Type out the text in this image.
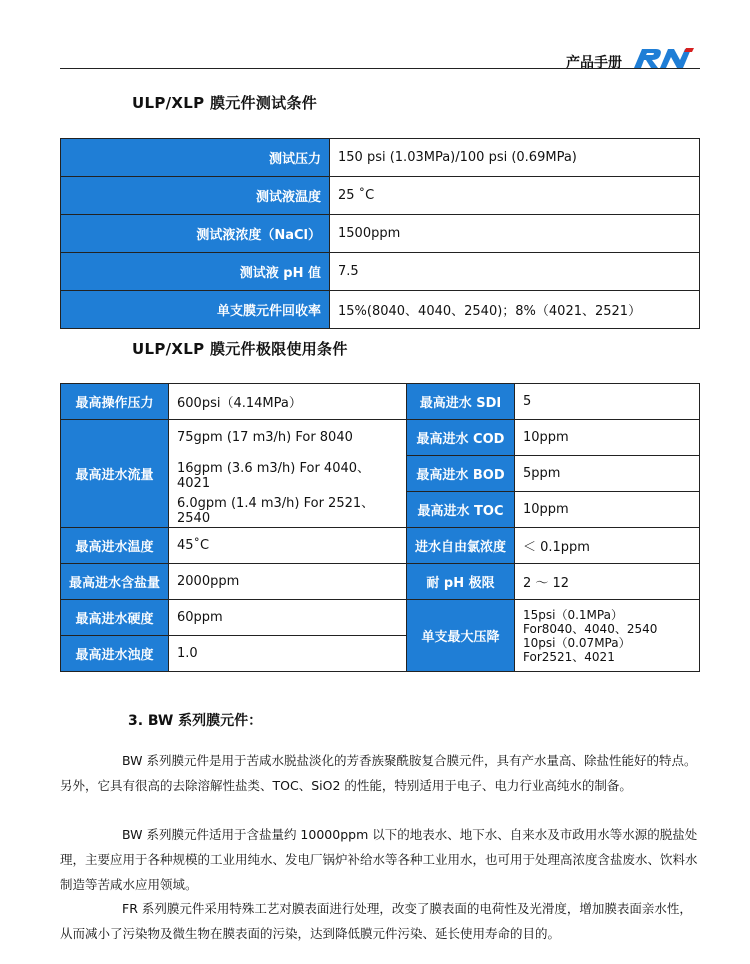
产品手册
ULP/XLP 膜元件测试条件
测试压力	150 psi (1.03MPa)/100 psi (0.69MPa)
测试液温度	25 ˚C
测试液浓度（NaCl）	1500ppm
测试液 pH 值	7.5
单支膜元件回收率	15%(8040、4040、2540)；8%（4021、2521）
ULP/XLP 膜元件极限使用条件
最高操作压力	600psi（4.14MPa）	最高进水 SDI	5
最高进水流量	75gpm (17 m3/h) For 8040	最高进水 COD	10ppm
	16gpm (3.6 m3/h) For 4040、4021	最高进水 BOD	5ppm
	6.0gpm (1.4 m3/h) For 2521、2540	最高进水 TOC	10ppm
最高进水温度	45˚C	进水自由氯浓度	＜ 0.1ppm
最高进水含盐量	2000ppm	耐 pH 极限	2 ～ 12
最高进水硬度	60ppm	单支最大压降	15psi（0.1MPa）
For8040、4040、2540
10psi（0.07MPa）
For2521、4021

最高进水浊度	1.0		
3. BW 系列膜元件：

BW 系列膜元件是用于苦咸水脱盐淡化的芳香族聚酰胺复合膜元件，具有产水量高、除盐性能好的特点。另外，它具有很高的去除溶解性盐类、TOC、SiO2 的性能，特别适用于电子、电力行业高纯水的制备。

BW 系列膜元件适用于含盐量约 10000ppm 以下的地表水、地下水、自来水及市政用水等水源的脱盐处理，主要应用于各种规模的工业用纯水、发电厂锅炉补给水等各种工业用水，也可用于处理高浓度含盐废水、饮料水制造等苦咸水应用领域。

FR 系列膜元件采用特殊工艺对膜表面进行处理，改变了膜表面的电荷性及光滑度，增加膜表面亲水性，从而减小了污染物及微生物在膜表面的污染，达到降低膜元件污染、延长使用寿命的目的。
